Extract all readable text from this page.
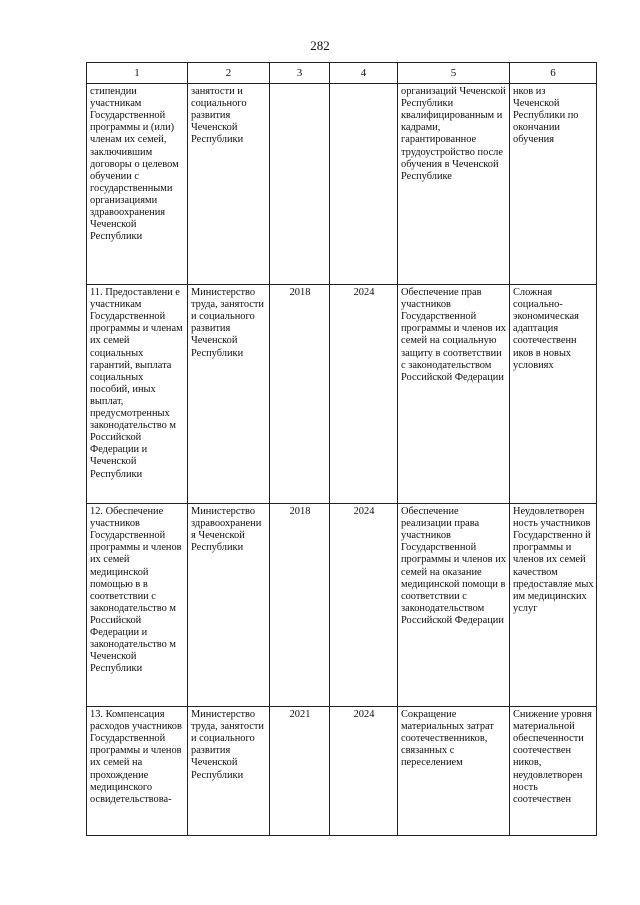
282
1	2	3	4	5	6
стипендии участникам Государственной программы и (или) членам их семей, заключившим договоры о целевом обучении с государственными организациями здравоохранения Чеченской Республики	занятости и социального развития Чеченской Республики			организаций Чеченской Республики квалифицированным и кадрами, гарантированное трудоустройство после обучения в Чеченской Республике	нков из Чеченской Республики по окончании обучения
11. Предоставлени е участникам Государственной программы и членам их семей социальных гарантий, выплата социальных пособий, иных выплат, предусмотренных законодательство м Российской Федерации и Чеченской Республики	Министерство труда, занятости и социального развития Чеченской Республики	2018	2024	Обеспечение прав участников Государственной программы и членов их семей на социальную защиту в соответствии с законодательством Российской Федерации	Сложная социально-экономическая адаптация соотечественн иков в новых условиях
12. Обеспечение участников Государственной программы и членов их семей медицинской помощью в в соответствии с законодательство м Российской Федерации и законодательство м Чеченской Республики	Министерство здравоохранени я Чеченской Республики	2018	2024	Обеспечение реализации права участников Государственной программы и членов их семей на оказание медицинской помощи в соответствии с законодательством Российской Федерации	Неудовлетворен ность участников Государственно й программы и членов их семей качеством предоставляе мых им медицинских услуг
13. Компенсация расходов участников Государственной программы и членов их семей на прохождение медицинского освидетельствова-	Министерство труда, занятости и социального развития Чеченской Республики	2021	2024	Сокращение материальных затрат соотечественников, связанных с переселением	Снижение уровня материальной обеспеченности соотечествен ников, неудовлетворен ность соотечествен
